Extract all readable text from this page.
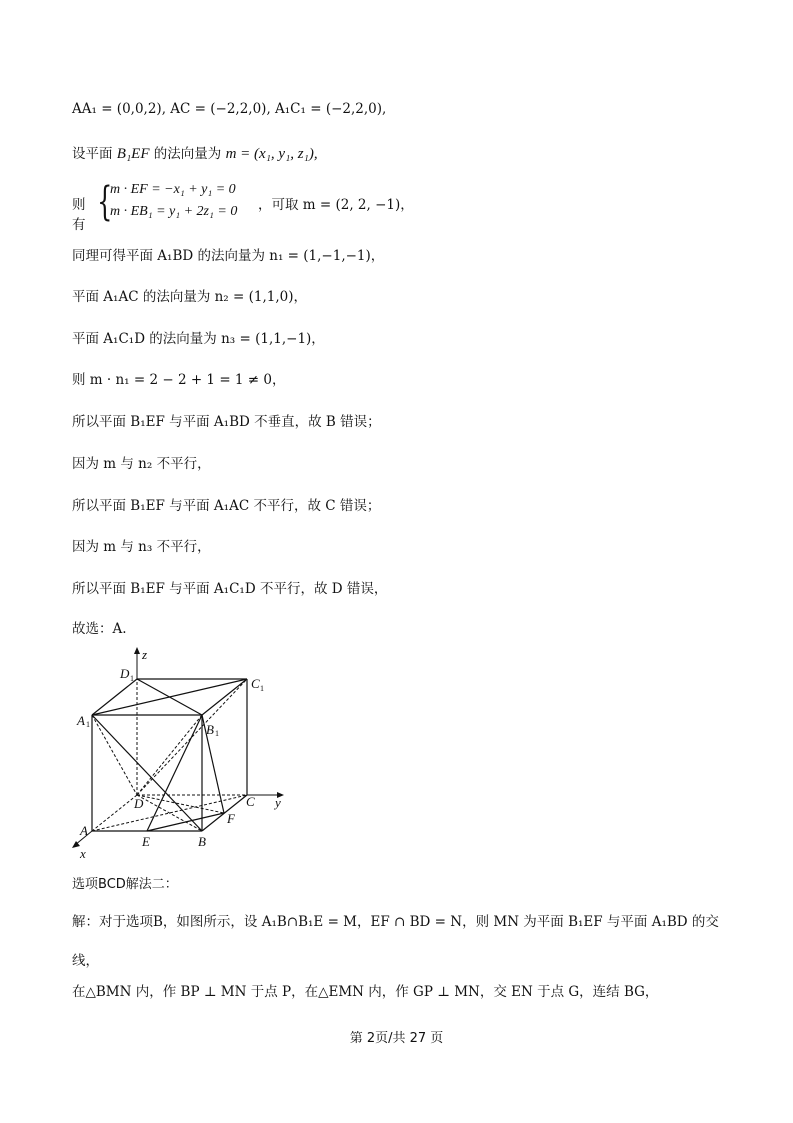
AA₁ = (0,0,2), AC = (−2,2,0), A₁C₁ = (−2,2,0),
设平面 B₁EF 的法向量为 m = (x₁, y₁, z₁),
则有 {
m · EF = −x₁ + y₁ = 0
m · EB₁ = y₁ + 2z₁ = 0 ，可取 m = (2, 2, −1)，
同理可得平面 A₁BD 的法向量为 n₁ = (1,−1,−1)，
平面 A₁AC 的法向量为 n₂ = (1,1,0)，
平面 A₁C₁D 的法向量为 n₃ = (1,1,−1)，
则 m · n₁ = 2 − 2 + 1 = 1 ≠ 0，
所以平面 B₁EF 与平面 A₁BD 不垂直，故 B 错误；
因为 m 与 n₂ 不平行，
所以平面 B₁EF 与平面 A₁AC 不平行，故 C 错误；
因为 m 与 n₃ 不平行，
所以平面 B₁EF 与平面 A₁C₁D 不平行，故 D 错误，
故选：A.
z
y
x
D 1	C 1
A 1	B 1
D	C
A
B
E
F
选项BCD解法二：
解：对于选项B，如图所示，设 A₁B∩B₁E = M，EF ∩ BD = N，则 MN 为平面 B₁EF 与平面 A₁BD 的交
线，
在△BMN 内，作 BP ⊥ MN 于点 P，在△EMN 内，作 GP ⊥ MN，交 EN 于点 G，连结 BG，
第 2页/共 27 页
